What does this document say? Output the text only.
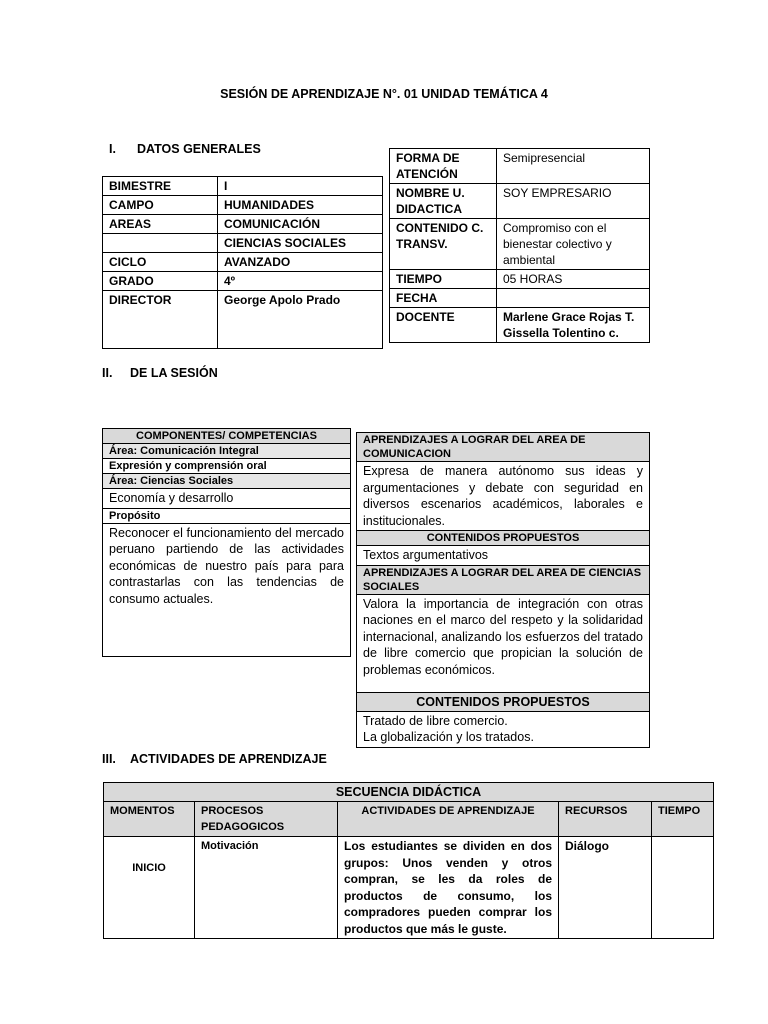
SESIÓN DE APRENDIZAJE N°. 01 UNIDAD TEMÁTICA 4
I. DATOS GENERALES
BIMESTRE	I
CAMPO	HUMANIDADES
AREAS	COMUNICACIÓN
	CIENCIAS SOCIALES
CICLO	AVANZADO
GRADO	4º
DIRECTOR	George Apolo Prado
FORMA DE ATENCIÓN	Semipresencial
NOMBRE U. DIDACTICA	SOY EMPRESARIO
CONTENIDO C. TRANSV.	Compromiso con el bienestar colectivo y ambiental
TIEMPO	05 HORAS
FECHA	
DOCENTE	Marlene Grace Rojas T.
Gissella Tolentino c.
II. DE LA SESIÓN
COMPONENTES/ COMPETENCIAS
Área: Comunicación Integral
Expresión y comprensión oral
Área: Ciencias Sociales
Economía y desarrollo
Propósito
Reconocer el funcionamiento del mercado peruano partiendo de las actividades económicas de nuestro país para para contrastarlas con las tendencias de consumo actuales.
APRENDIZAJES A LOGRAR DEL AREA DE COMUNICACION
Expresa de manera autónomo sus ideas y argumentaciones y debate con seguridad en diversos escenarios académicos, laborales e institucionales.
CONTENIDOS PROPUESTOS
Textos argumentativos
APRENDIZAJES A LOGRAR DEL AREA DE CIENCIAS SOCIALES
Valora la importancia de integración con otras naciones en el marco del respeto y la solidaridad internacional, analizando los esfuerzos del tratado de libre comercio que propician la solución de problemas económicos.
CONTENIDOS PROPUESTOS

Tratado de libre comercio.
La globalización y los tratados.
III. ACTIVIDADES DE APRENDIZAJE
SECUENCIA DIDÁCTICA				
MOMENTOS	PROCESOS PEDAGOGICOS	ACTIVIDADES DE APRENDIZAJE	RECURSOS	TIEMPO
INICIO	Motivación	Los estudiantes se dividen en dos grupos: Unos venden y otros compran, se les da roles de productos de consumo, los compradores pueden comprar los productos que más le guste.	Diálogo	
